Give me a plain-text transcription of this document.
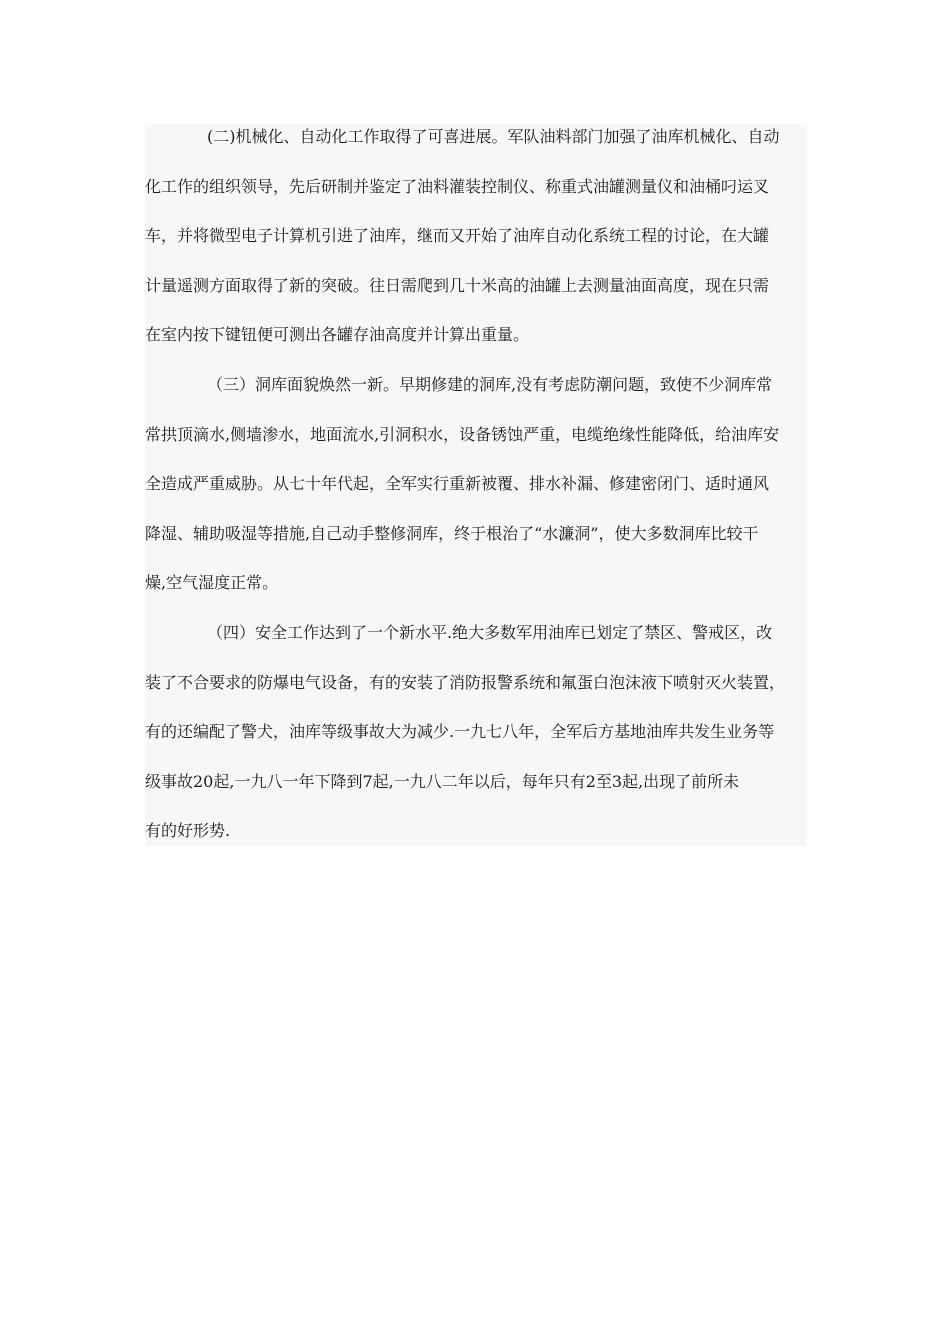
(二)机械化、自动化工作取得了可喜进展。军队油料部门加强了油库机械化、自动
化工作的组织领导，先后研制并鉴定了油料灌装控制仪、称重式油罐测量仪和油桶叼运叉
车，并将微型电子计算机引进了油库，继而又开始了油库自动化系统工程的讨论，在大罐
计量遥测方面取得了新的突破。往日需爬到几十米高的油罐上去测量油面高度，现在只需
在室内按下键钮便可测出各罐存油高度并计算出重量。
（三）洞库面貌焕然一新。早期修建的洞库,没有考虑防潮问题，致使不少洞库常
常拱顶滴水,侧墙渗水，地面流水,引洞积水，设备锈蚀严重，电缆绝缘性能降低，给油库安
全造成严重威胁。从七十年代起，全军实行重新被覆、排水补漏、修建密闭门、适时通风
降湿、辅助吸湿等措施,自己动手整修洞库，终于根治了“水濂洞”，使大多数洞库比较干
燥,空气湿度正常。
（四）安全工作达到了一个新水平.绝大多数军用油库已划定了禁区、警戒区，改
装了不合要求的防爆电气设备，有的安装了消防报警系统和氟蛋白泡沫液下喷射灭火装置，
有的还编配了警犬，油库等级事故大为减少.一九七八年，全军后方基地油库共发生业务等
级事故20起,一九八一年下降到7起,一九八二年以后，每年只有2至3起,出现了前所未
有的好形势.
